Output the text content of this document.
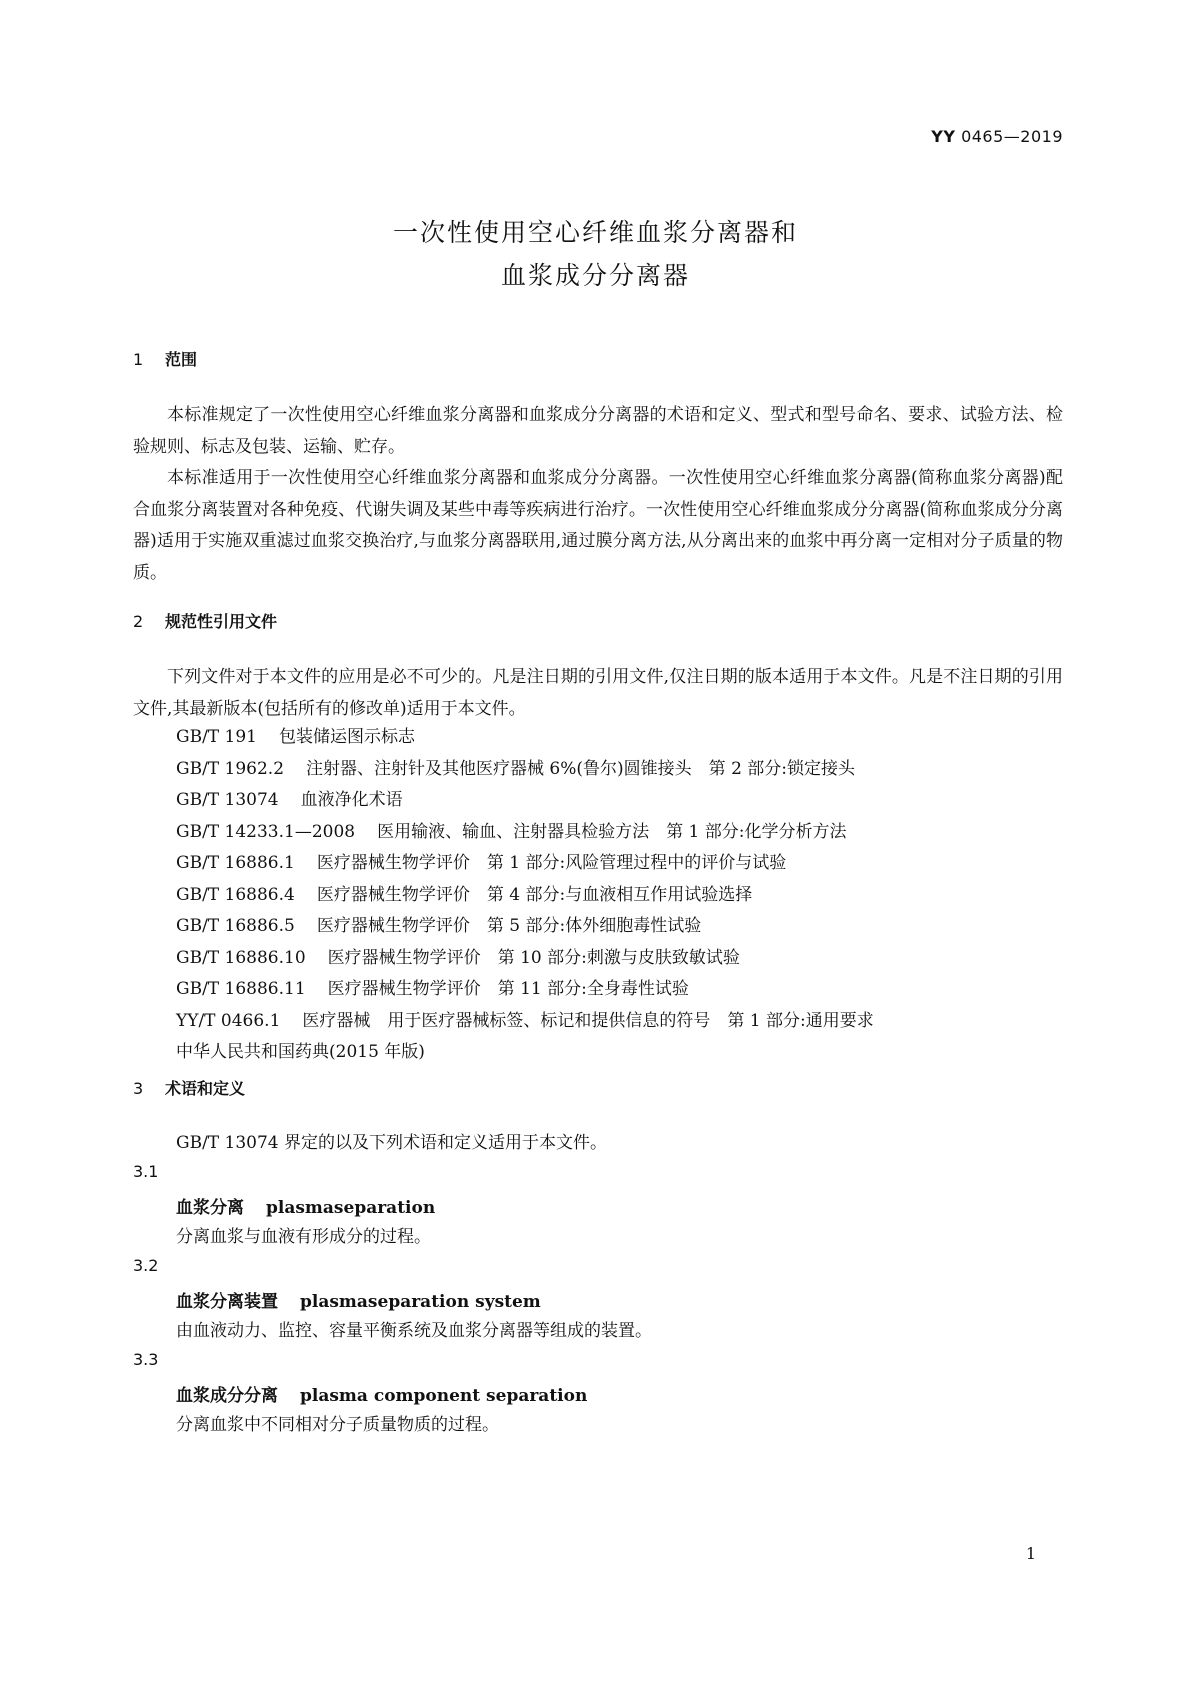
YY 0465—2019
一次性使用空心纤维血浆分离器和
血浆成分分离器
1 范围

本标准规定了一次性使用空心纤维血浆分离器和血浆成分分离器的术语和定义、型式和型号命名、要求、试验方法、检验规则、标志及包装、运输、贮存。

本标准适用于一次性使用空心纤维血浆分离器和血浆成分分离器。一次性使用空心纤维血浆分离器(简称血浆分离器)配合血浆分离装置对各种免疫、代谢失调及某些中毒等疾病进行治疗。一次性使用空心纤维血浆成分分离器(简称血浆成分分离器)适用于实施双重滤过血浆交换治疗,与血浆分离器联用,通过膜分离方法,从分离出来的血浆中再分离一定相对分子质量的物质。

2 规范性引用文件

下列文件对于本文件的应用是必不可少的。凡是注日期的引用文件,仅注日期的版本适用于本文件。凡是不注日期的引用文件,其最新版本(包括所有的修改单)适用于本文件。

GB/T 191 包装储运图示标志
GB/T 1962.2 注射器、注射针及其他医疗器械 6%(鲁尔)圆锥接头　第 2 部分:锁定接头
GB/T 13074 血液净化术语
GB/T 14233.1—2008 医用输液、输血、注射器具检验方法　第 1 部分:化学分析方法
GB/T 16886.1 医疗器械生物学评价　第 1 部分:风险管理过程中的评价与试验
GB/T 16886.4 医疗器械生物学评价　第 4 部分:与血液相互作用试验选择
GB/T 16886.5 医疗器械生物学评价　第 5 部分:体外细胞毒性试验
GB/T 16886.10 医疗器械生物学评价　第 10 部分:刺激与皮肤致敏试验
GB/T 16886.11 医疗器械生物学评价　第 11 部分:全身毒性试验
YY/T 0466.1 医疗器械　用于医疗器械标签、标记和提供信息的符号　第 1 部分:通用要求
中华人民共和国药典(2015 年版)
3 术语和定义
GB/T 13074 界定的以及下列术语和定义适用于本文件。
3.1
血浆分离 plasmaseparation
分离血浆与血液有形成分的过程。
3.2
血浆分离装置 plasmaseparation system
由血液动力、监控、容量平衡系统及血浆分离器等组成的装置。
3.3
血浆成分分离 plasma component separation
分离血浆中不同相对分子质量物质的过程。
1
